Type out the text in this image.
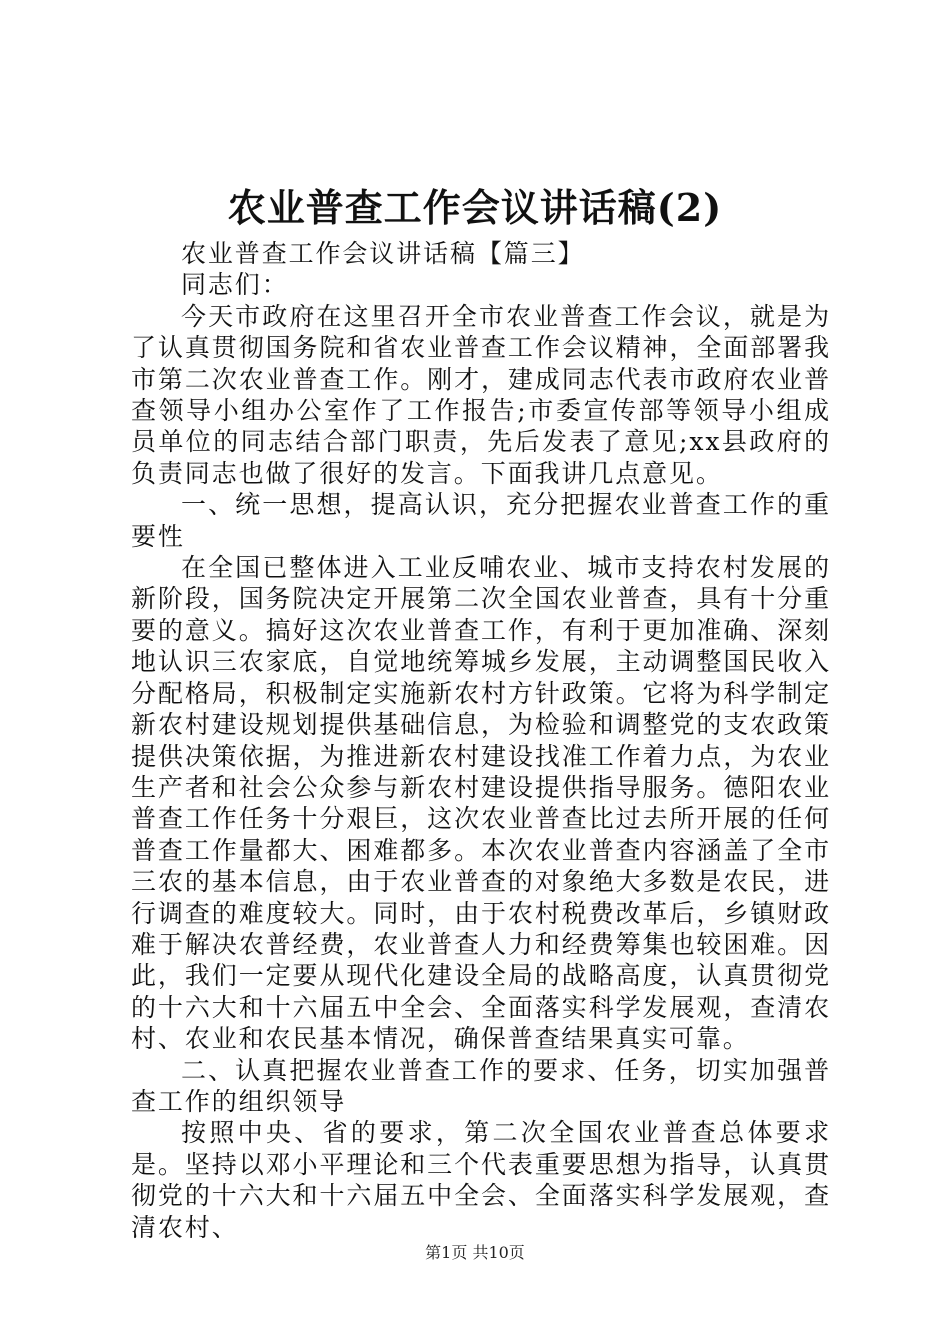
农业普查工作会议讲话稿(2)

农业普查工作会议讲话稿【篇三】

同志们：

今天市政府在这里召开全市农业普查工作会议，就是为了认真贯彻国务院和省农业普查工作会议精神，全面部署我市第二次农业普查工作。刚才，建成同志代表市政府农业普查领导小组办公室作了工作报告;市委宣传部等领导小组成员单位的同志结合部门职责，先后发表了意见;xx县政府的负责同志也做了很好的发言。下面我讲几点意见。

一、统一思想，提高认识，充分把握农业普查工作的重要性

在全国已整体进入工业反哺农业、城市支持农村发展的新阶段，国务院决定开展第二次全国农业普查，具有十分重要的意义。搞好这次农业普查工作，有利于更加准确、深刻地认识三农家底，自觉地统筹城乡发展，主动调整国民收入分配格局，积极制定实施新农村方针政策。它将为科学制定新农村建设规划提供基础信息，为检验和调整党的支农政策提供决策依据，为推进新农村建设找准工作着力点，为农业生产者和社会公众参与新农村建设提供指导服务。德阳农业普查工作任务十分艰巨，这次农业普查比过去所开展的任何普查工作量都大、困难都多。本次农业普查内容涵盖了全市三农的基本信息，由于农业普查的对象绝大多数是农民，进行调查的难度较大。同时，由于农村税费改革后，乡镇财政难于解决农普经费，农业普查人力和经费筹集也较困难。因此，我们一定要从现代化建设全局的战略高度，认真贯彻党的十六大和十六届五中全会、全面落实科学发展观，查清农村、农业和农民基本情况，确保普查结果真实可靠。

二、认真把握农业普查工作的要求、任务，切实加强普查工作的组织领导

按照中央、省的要求，第二次全国农业普查总体要求是。坚持以邓小平理论和三个代表重要思想为指导，认真贯彻党的十六大和十六届五中全会、全面落实科学发展观，查清农村、

第1页 共10页
